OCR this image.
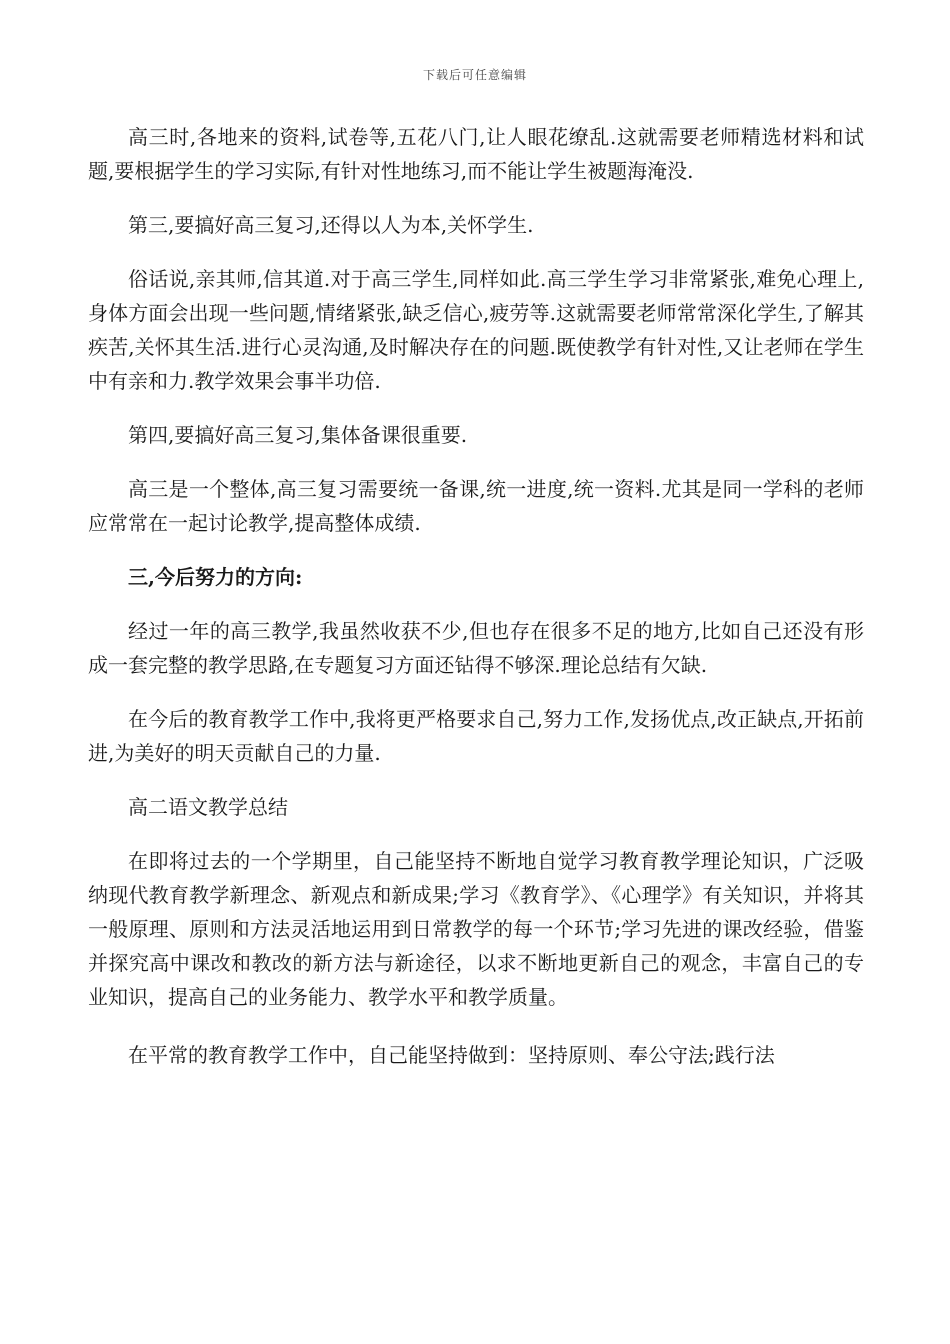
下载后可任意编辑

高三时,各地来的资料,试卷等,五花八门,让人眼花缭乱.这就需要老师精选材料和试题,要根据学生的学习实际,有针对性地练习,而不能让学生被题海淹没.

第三,要搞好高三复习,还得以人为本,关怀学生.

俗话说,亲其师,信其道.对于高三学生,同样如此.高三学生学习非常紧张,难免心理上,身体方面会出现一些问题,情绪紧张,缺乏信心,疲劳等.这就需要老师常常深化学生,了解其疾苦,关怀其生活.进行心灵沟通,及时解决存在的问题.既使教学有针对性,又让老师在学生中有亲和力.教学效果会事半功倍.

第四,要搞好高三复习,集体备课很重要.

高三是一个整体,高三复习需要统一备课,统一进度,统一资料.尤其是同一学科的老师应常常在一起讨论教学,提高整体成绩.

三,今后努力的方向:

经过一年的高三教学,我虽然收获不少,但也存在很多不足的地方,比如自己还没有形成一套完整的教学思路,在专题复习方面还钻得不够深.理论总结有欠缺.

在今后的教育教学工作中,我将更严格要求自己,努力工作,发扬优点,改正缺点,开拓前进,为美好的明天贡献自己的力量.

高二语文教学总结

在即将过去的一个学期里，自己能坚持不断地自觉学习教育教学理论知识，广泛吸纳现代教育教学新理念、新观点和新成果;学习《教育学》、《心理学》有关知识，并将其一般原理、原则和方法灵活地运用到日常教学的每一个环节;学习先进的课改经验，借鉴并探究高中课改和教改的新方法与新途径，以求不断地更新自己的观念，丰富自己的专业知识，提高自己的业务能力、教学水平和教学质量。

在平常的教育教学工作中，自己能坚持做到：坚持原则、奉公守法;践行法
